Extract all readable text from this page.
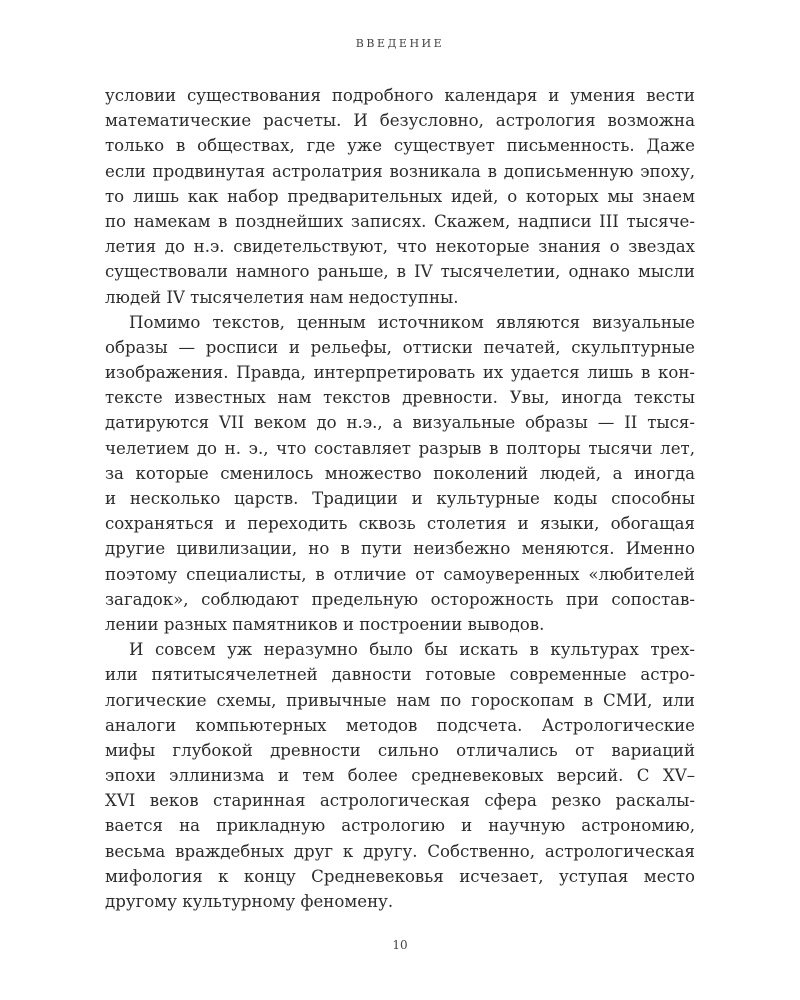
ВВЕДЕНИЕ
условии существования подробного календаря и умения вести
математические расчеты. И безусловно, астрология возможна
только в обществах, где уже существует письменность. Даже
если продвинутая астролатрия возникала в дописьменную эпоху,
то лишь как набор предварительных идей, о которых мы знаем
по намекам в позднейших записях. Скажем, надписи III тысяче-
летия до н.э. свидетельствуют, что некоторые знания о звездах
существовали намного раньше, в IV тысячелетии, однако мысли
людей IV тысячелетия нам недоступны.
Помимо текстов, ценным источником являются визуальные
образы — росписи и рельефы, оттиски печатей, скульптурные
изображения. Правда, интерпретировать их удается лишь в кон-
тексте известных нам текстов древности. Увы, иногда тексты
датируются VII веком до н.э., а визуальные образы — II тыся-
челетием до н. э., что составляет разрыв в полторы тысячи лет,
за которые сменилось множество поколений людей, а иногда
и несколько царств. Традиции и культурные коды способны
сохраняться и переходить сквозь столетия и языки, обогащая
другие цивилизации, но в пути неизбежно меняются. Именно
поэтому специалисты, в отличие от самоуверенных «любителей
загадок», соблюдают предельную осторожность при сопостав-
лении разных памятников и построении выводов.
И совсем уж неразумно было бы искать в культурах трех-
или пятитысячелетней давности готовые современные астро-
логические схемы, привычные нам по гороскопам в СМИ, или
аналоги компьютерных методов подсчета. Астрологические
мифы глубокой древности сильно отличались от вариаций
эпохи эллинизма и тем более средневековых версий. С XV–
XVI веков старинная астрологическая сфера резко раскалы-
вается на прикладную астрологию и научную астрономию,
весьма враждебных друг к другу. Собственно, астрологическая
мифология к концу Средневековья исчезает, уступая место
другому культурному феномену.
10
